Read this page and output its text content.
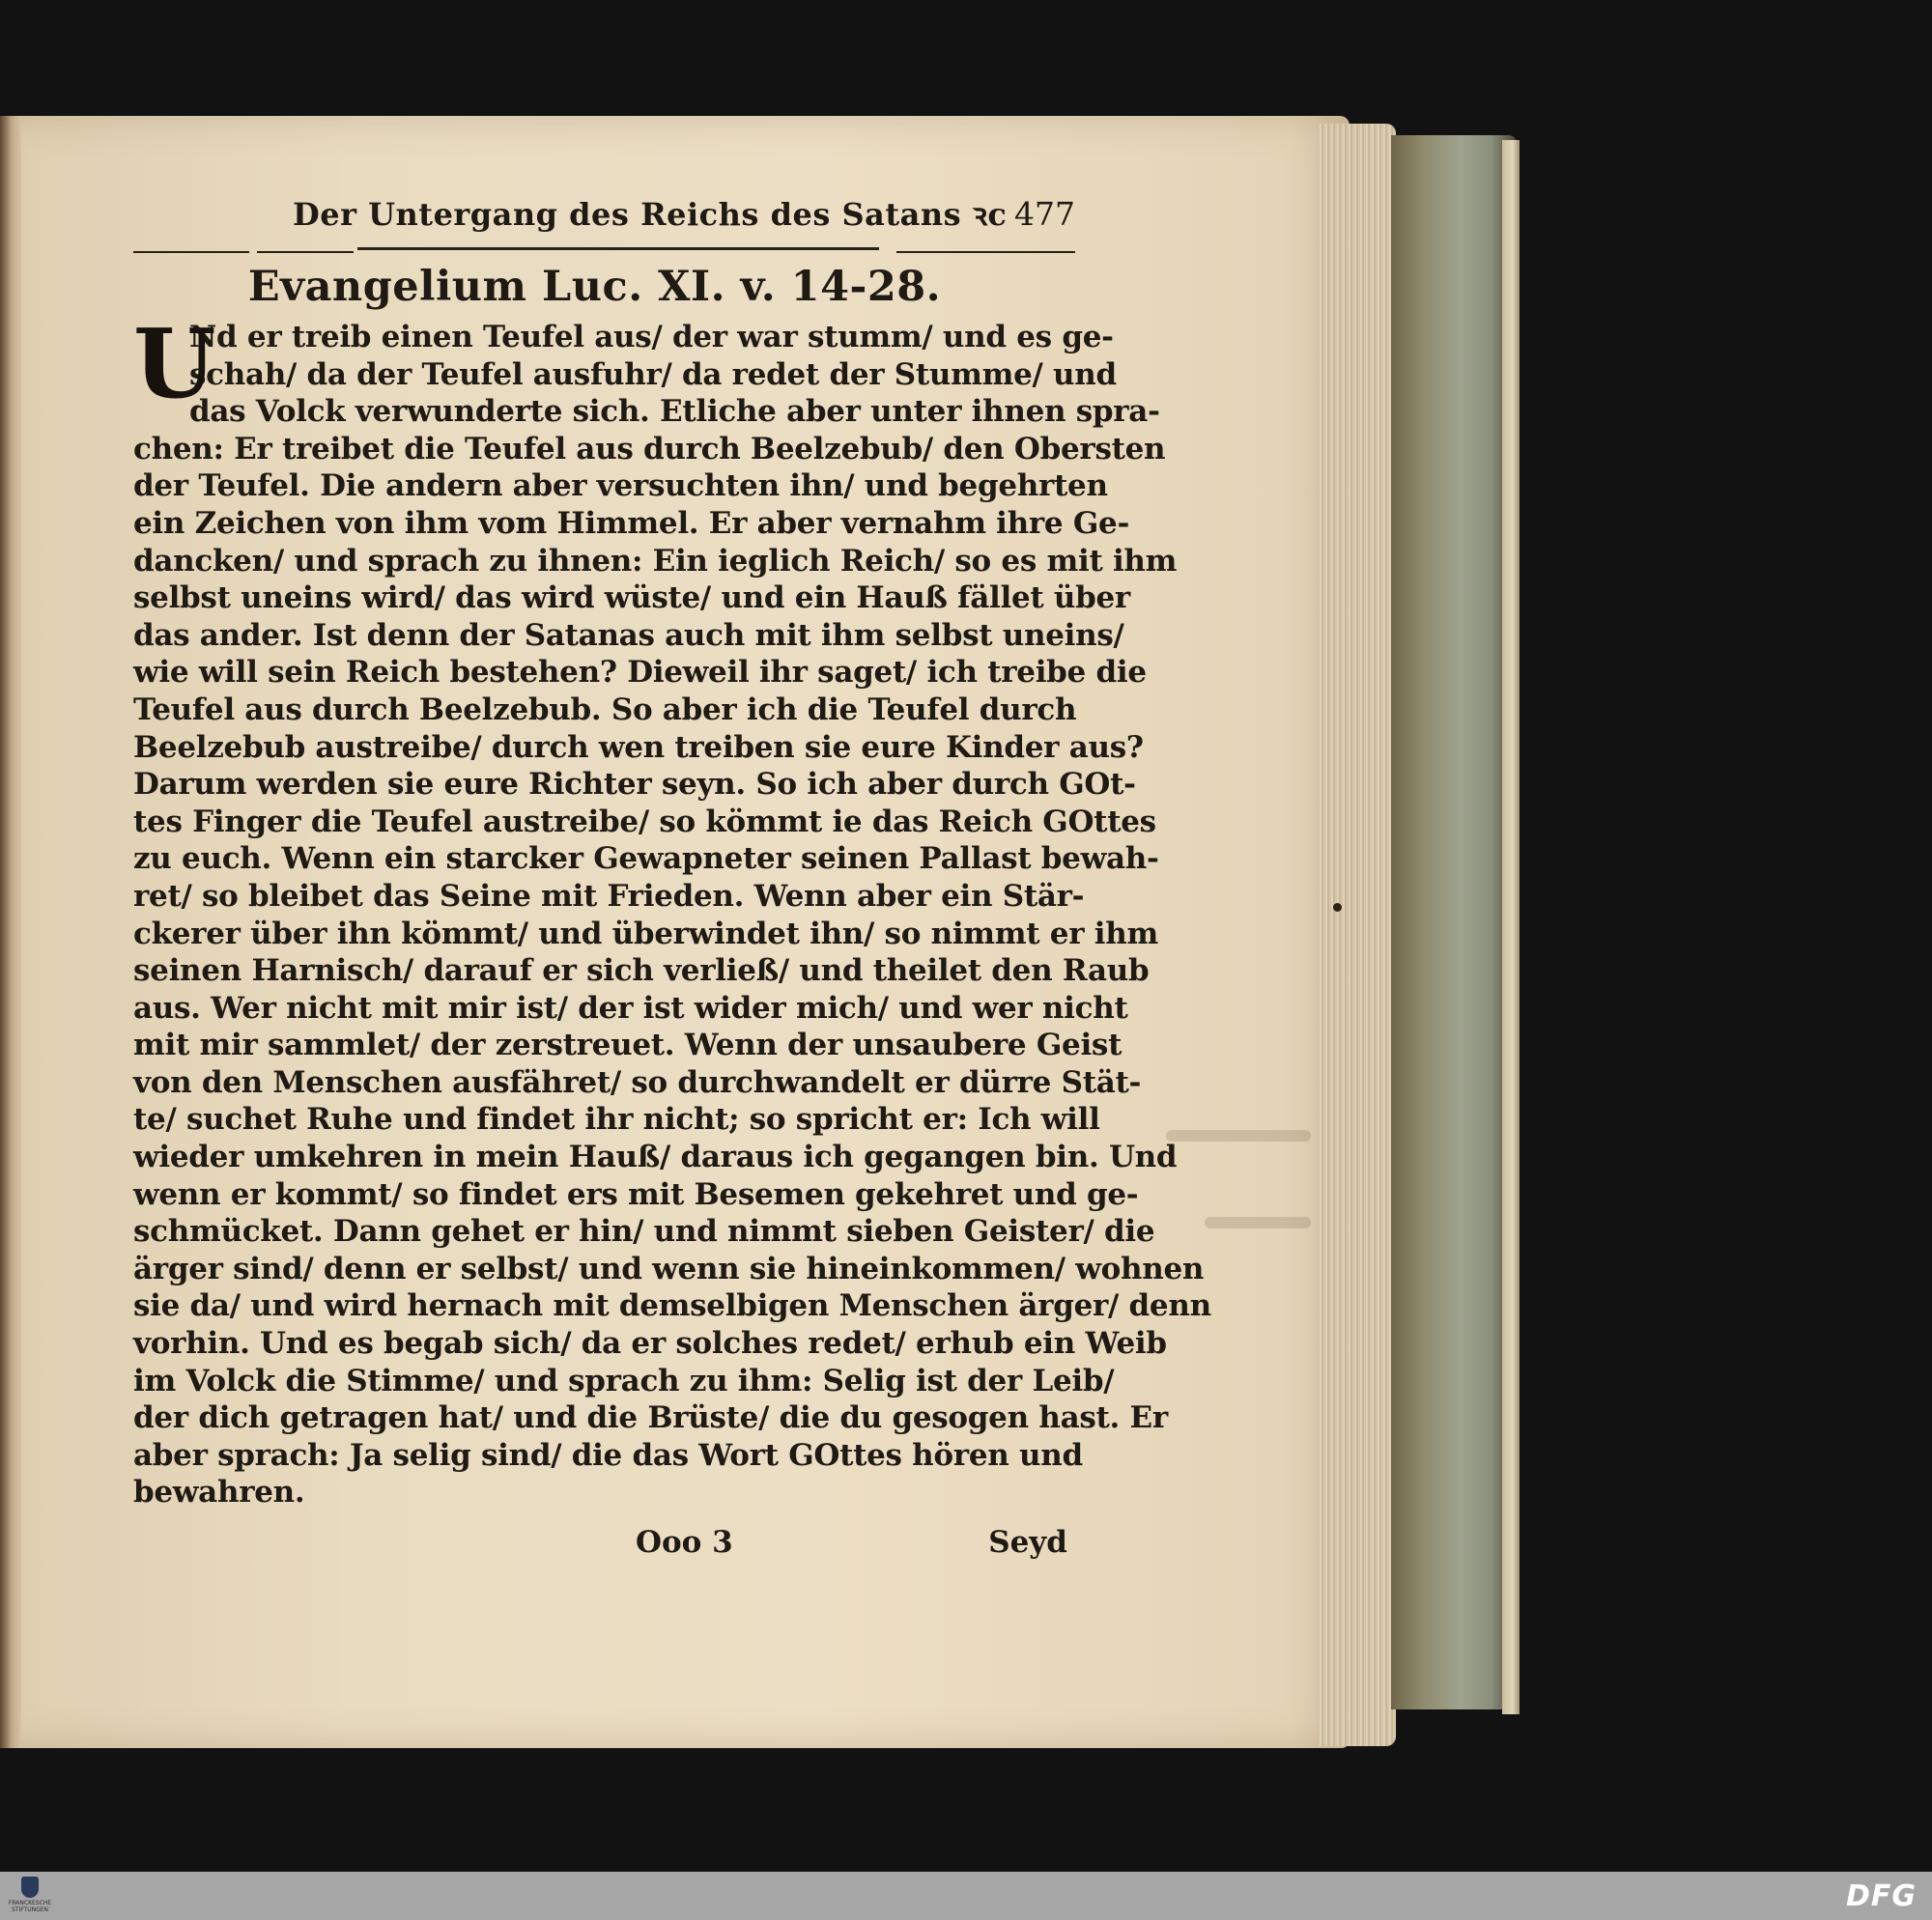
Der Untergang des Reichs des Satans ꝛc 477
Evangelium Luc. XI. v. 14-28.
U
Nd er treib einen Teufel aus/ der war stumm/ und es ge-
schah/ da der Teufel ausfuhr/ da redet der Stumme/ und
das Volck verwunderte sich. Etliche aber unter ihnen spra-
chen: Er treibet die Teufel aus durch Beelzebub/ den Obersten
der Teufel. Die andern aber versuchten ihn/ und begehrten
ein Zeichen von ihm vom Himmel. Er aber vernahm ihre Ge-
dancken/ und sprach zu ihnen: Ein ieglich Reich/ so es mit ihm
selbst uneins wird/ das wird wüste/ und ein Hauß fället über
das ander. Ist denn der Satanas auch mit ihm selbst uneins/
wie will sein Reich bestehen? Dieweil ihr saget/ ich treibe die
Teufel aus durch Beelzebub. So aber ich die Teufel durch
Beelzebub austreibe/ durch wen treiben sie eure Kinder aus?
Darum werden sie eure Richter seyn. So ich aber durch GOt-
tes Finger die Teufel austreibe/ so kömmt ie das Reich GOttes
zu euch. Wenn ein starcker Gewapneter seinen Pallast bewah-
ret/ so bleibet das Seine mit Frieden. Wenn aber ein Stär-
ckerer über ihn kömmt/ und überwindet ihn/ so nimmt er ihm
seinen Harnisch/ darauf er sich verließ/ und theilet den Raub
aus. Wer nicht mit mir ist/ der ist wider mich/ und wer nicht
mit mir sammlet/ der zerstreuet. Wenn der unsaubere Geist
von den Menschen ausfähret/ so durchwandelt er dürre Stät-
te/ suchet Ruhe und findet ihr nicht; so spricht er: Ich will
wieder umkehren in mein Hauß/ daraus ich gegangen bin. Und
wenn er kommt/ so findet ers mit Besemen gekehret und ge-
schmücket. Dann gehet er hin/ und nimmt sieben Geister/ die
ärger sind/ denn er selbst/ und wenn sie hineinkommen/ wohnen
sie da/ und wird hernach mit demselbigen Menschen ärger/ denn
vorhin. Und es begab sich/ da er solches redet/ erhub ein Weib
im Volck die Stimme/ und sprach zu ihm: Selig ist der Leib/
der dich getragen hat/ und die Brüste/ die du gesogen hast. Er
aber sprach: Ja selig sind/ die das Wort GOttes hören und
bewahren.
Ooo 3	Seyd
FRANCKESCHE STIFTUNGEN	DFG
